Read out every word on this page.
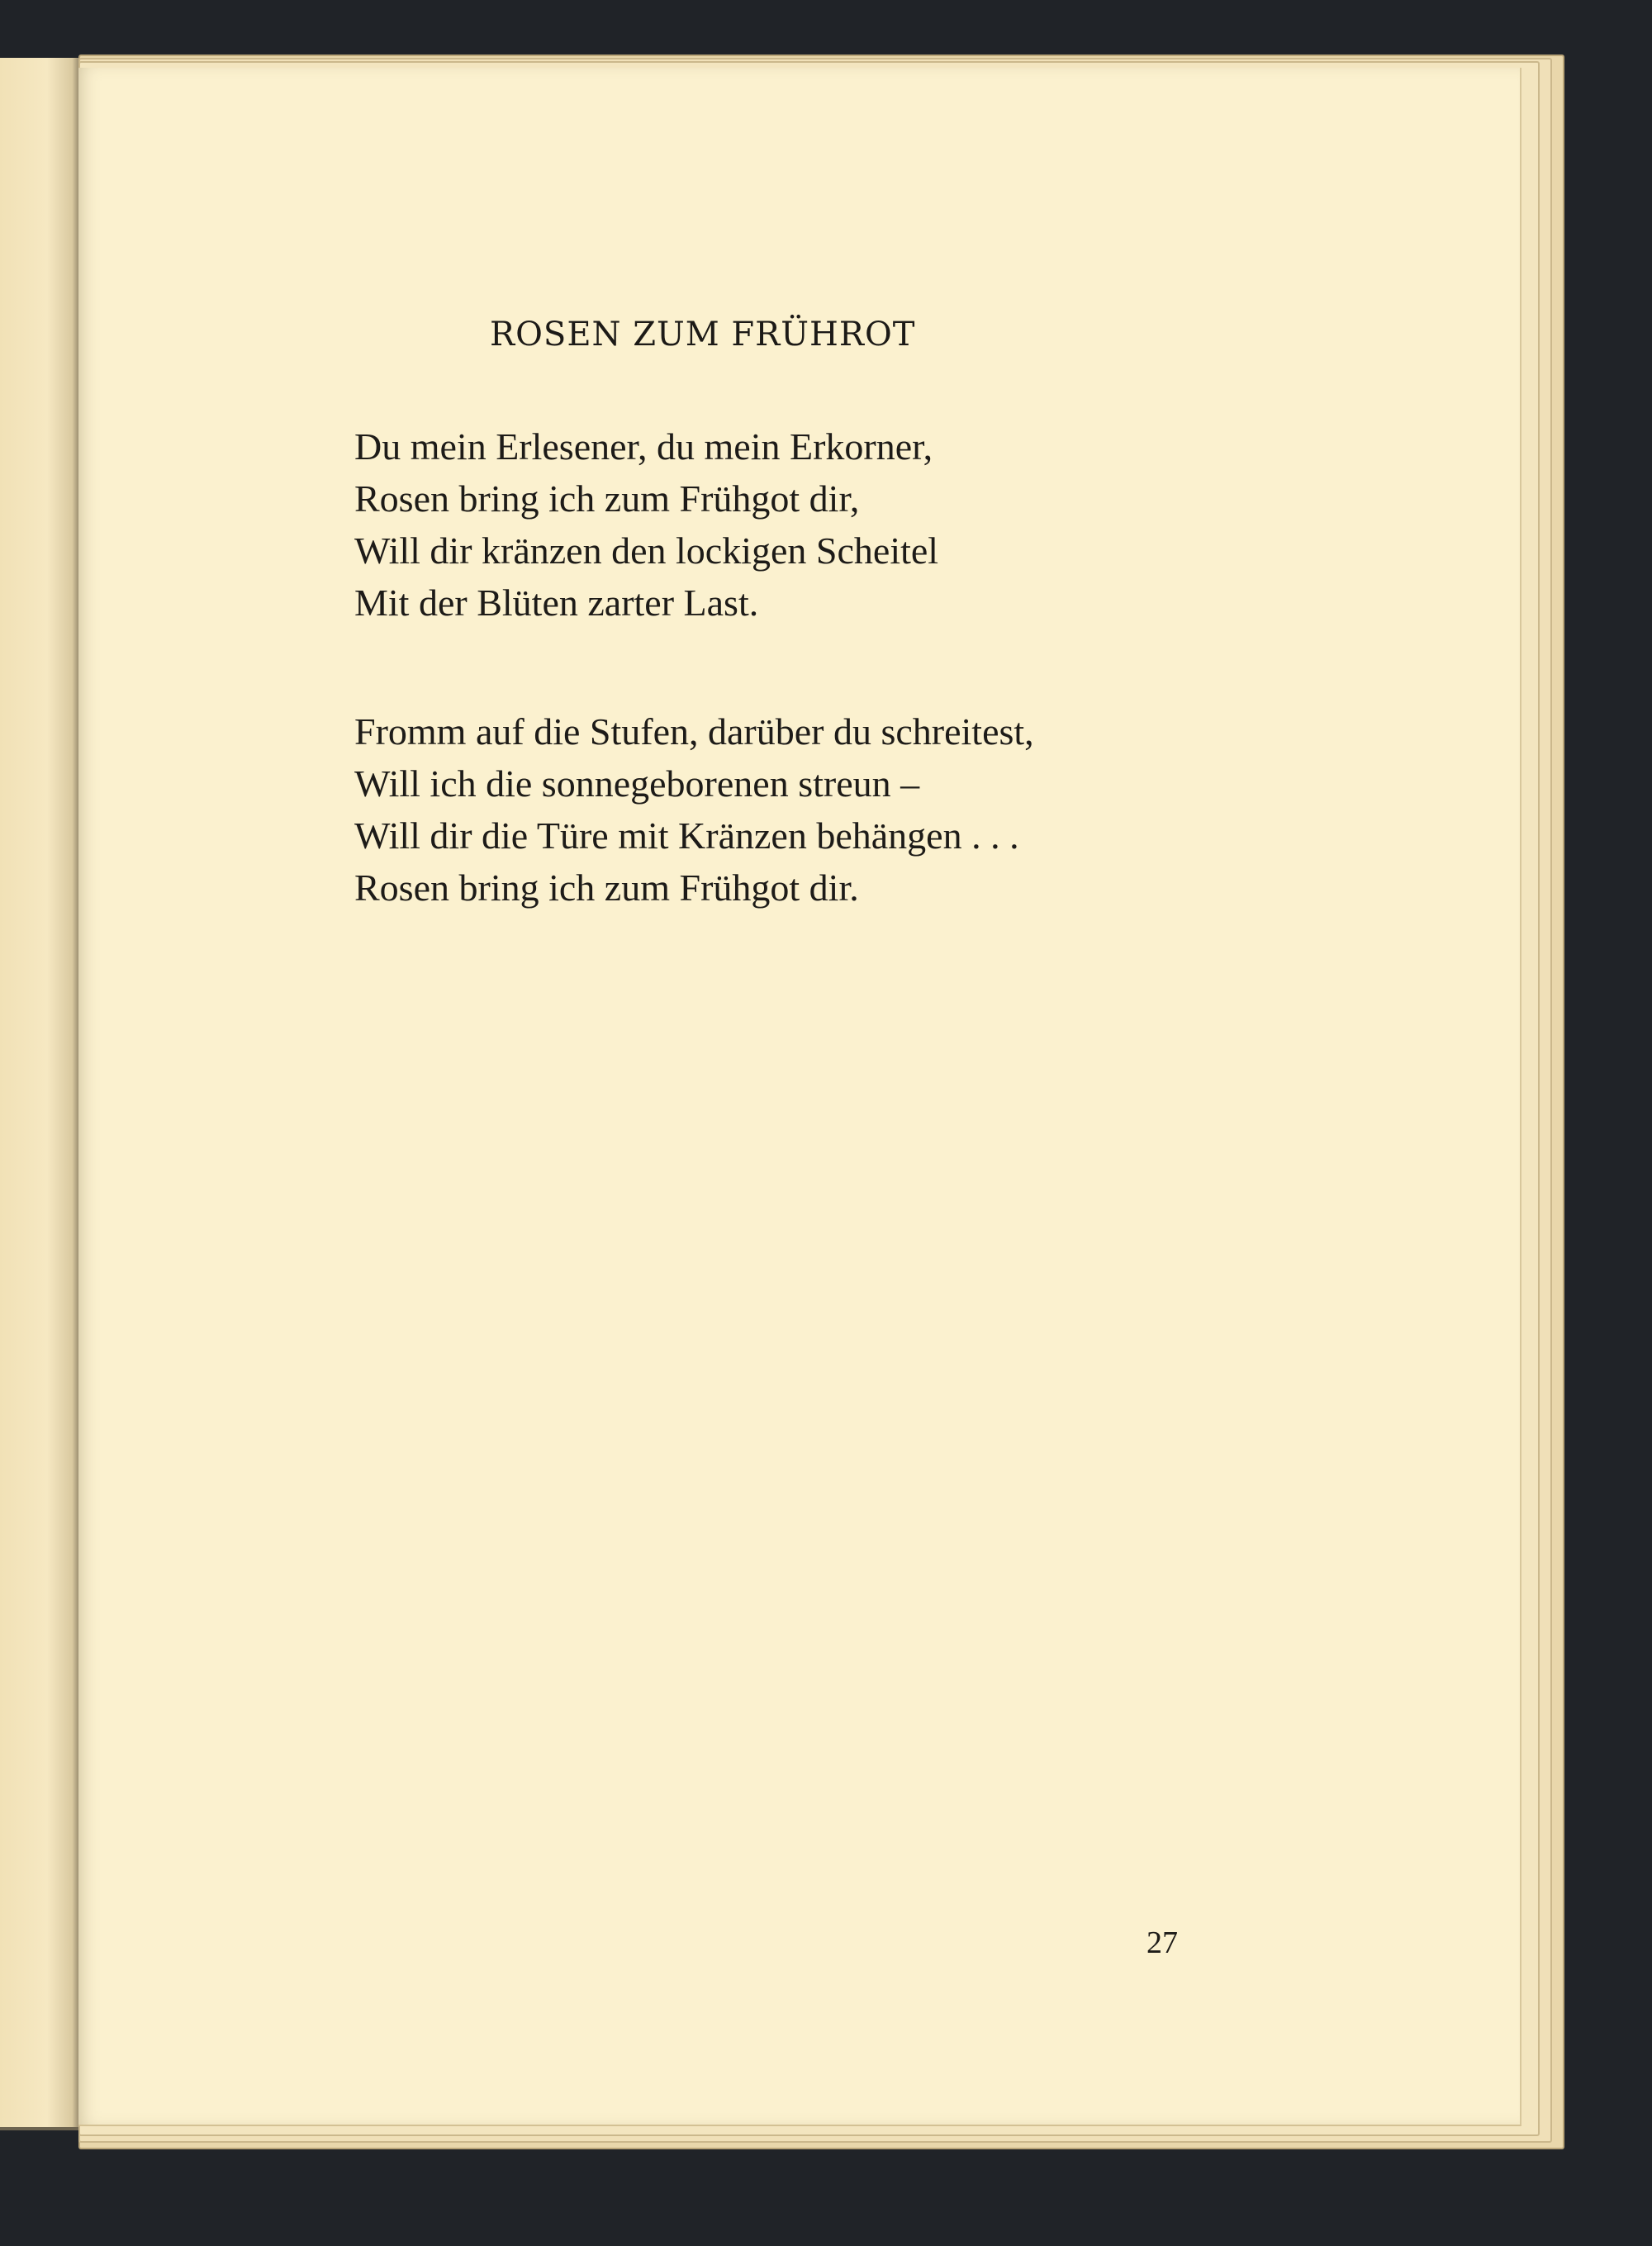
ROSEN ZUM FRÜHROT
Du mein Erlesener, du mein Erkorner,
Rosen bring ich zum Frühgot dir,
Will dir kränzen den lockigen Scheitel
Mit der Blüten zarter Last.
Fromm auf die Stufen, darüber du schreitest,
Will ich die sonnegeborenen streun –
Will dir die Türe mit Kränzen behängen . . .
Rosen bring ich zum Frühgot dir.
27
